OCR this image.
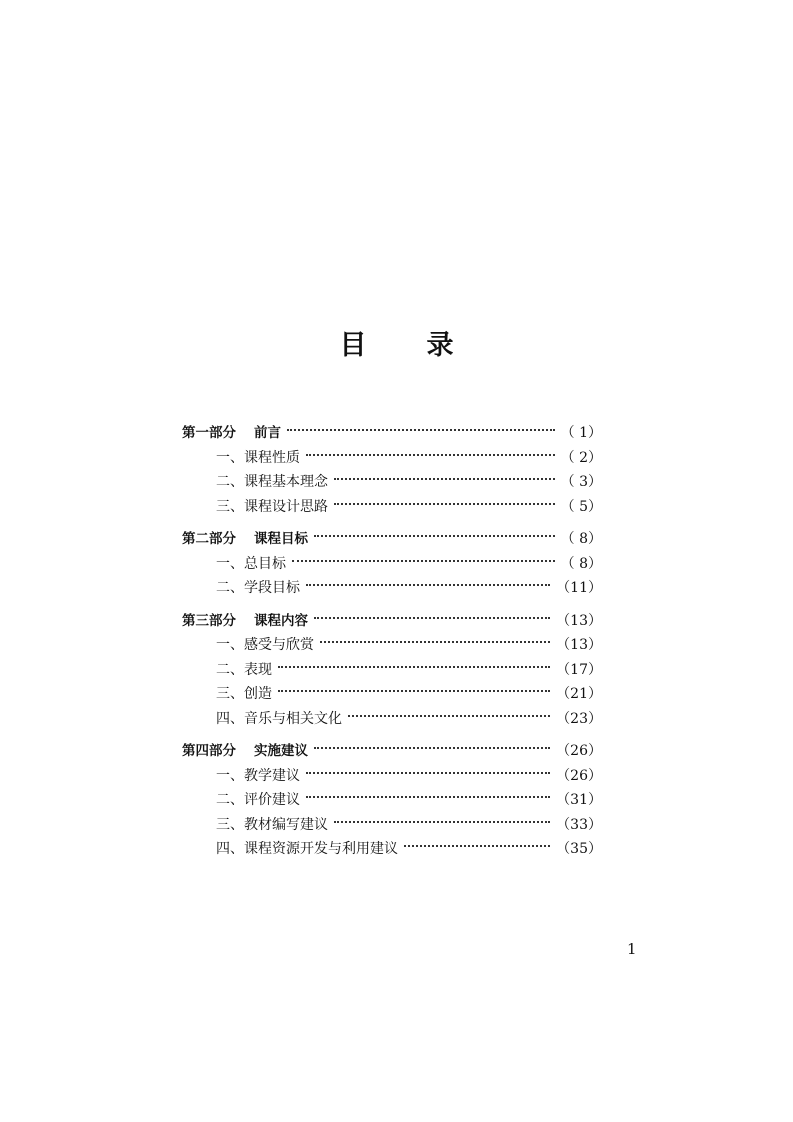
目 录
第一部分 前言	（ 1）
一、课程性质	（ 2）
二、课程基本理念	（ 3）
三、课程设计思路	（ 5）
第二部分 课程目标	（ 8）
一、总目标	（ 8）
二、学段目标	（11）
第三部分 课程内容	（13）
一、感受与欣赏	（13）
二、表现	（17）
三、创造	（21）
四、音乐与相关文化	（23）
第四部分 实施建议	（26）
一、教学建议	（26）
二、评价建议	（31）
三、教材编写建议	（33）
四、课程资源开发与利用建议	（35）
1
